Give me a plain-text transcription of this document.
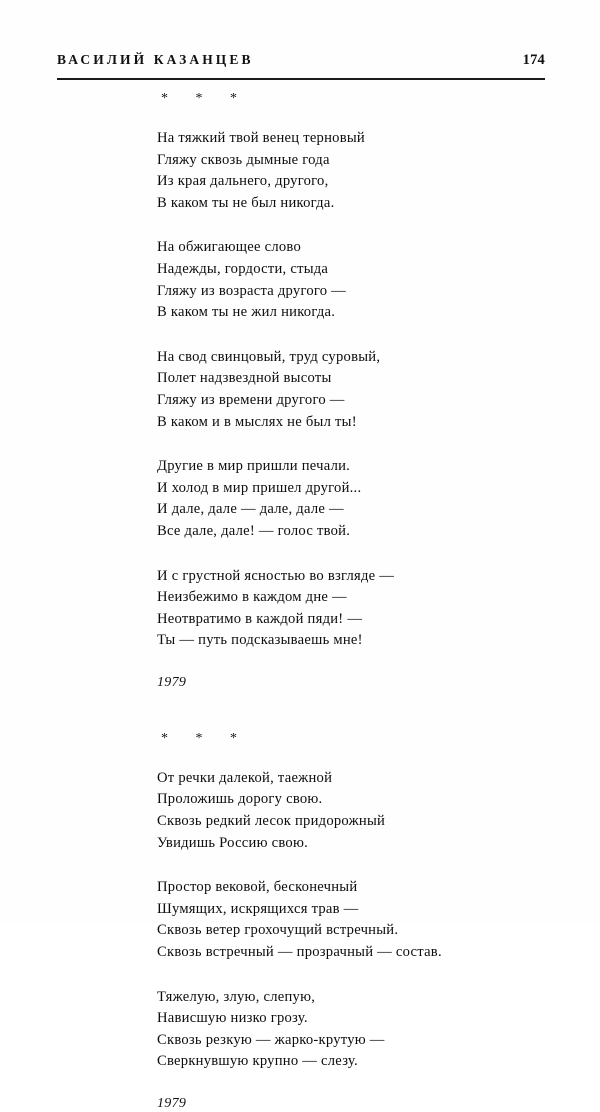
ВАСИЛИЙ КАЗАНЦЕВ	174
* * *
На тяжкий твой венец терновый
Гляжу сквозь дымные года
Из края дальнего, другого,
В каком ты не был никогда.
На обжигающее слово
Надежды, гордости, стыда
Гляжу из возраста другого —
В каком ты не жил никогда.
На свод свинцовый, труд суровый,
Полет надзвездной высоты
Гляжу из времени другого —
В каком и в мыслях не был ты!
Другие в мир пришли печали.
И холод в мир пришел другой...
И дале, дале — дале, дале —
Все дале, дале! — голос твой.
И с грустной ясностью во взгляде —
Неизбежимо в каждом дне —
Неотвратимо в каждой пяди! —
Ты — путь подсказываешь мне!
1979
* * *
От речки далекой, таежной
Проложишь дорогу свою.
Сквозь редкий лесок придорожный
Увидишь Россию свою.
Простор вековой, бесконечный
Шумящих, искрящихся трав —
Сквозь ветер грохочущий встречный.
Сквозь встречный — прозрачный — состав.
Тяжелую, злую, слепую,
Нависшую низко грозу.
Сквозь резкую — жарко-крутую —
Сверкнувшую крупно — слезу.
1979
